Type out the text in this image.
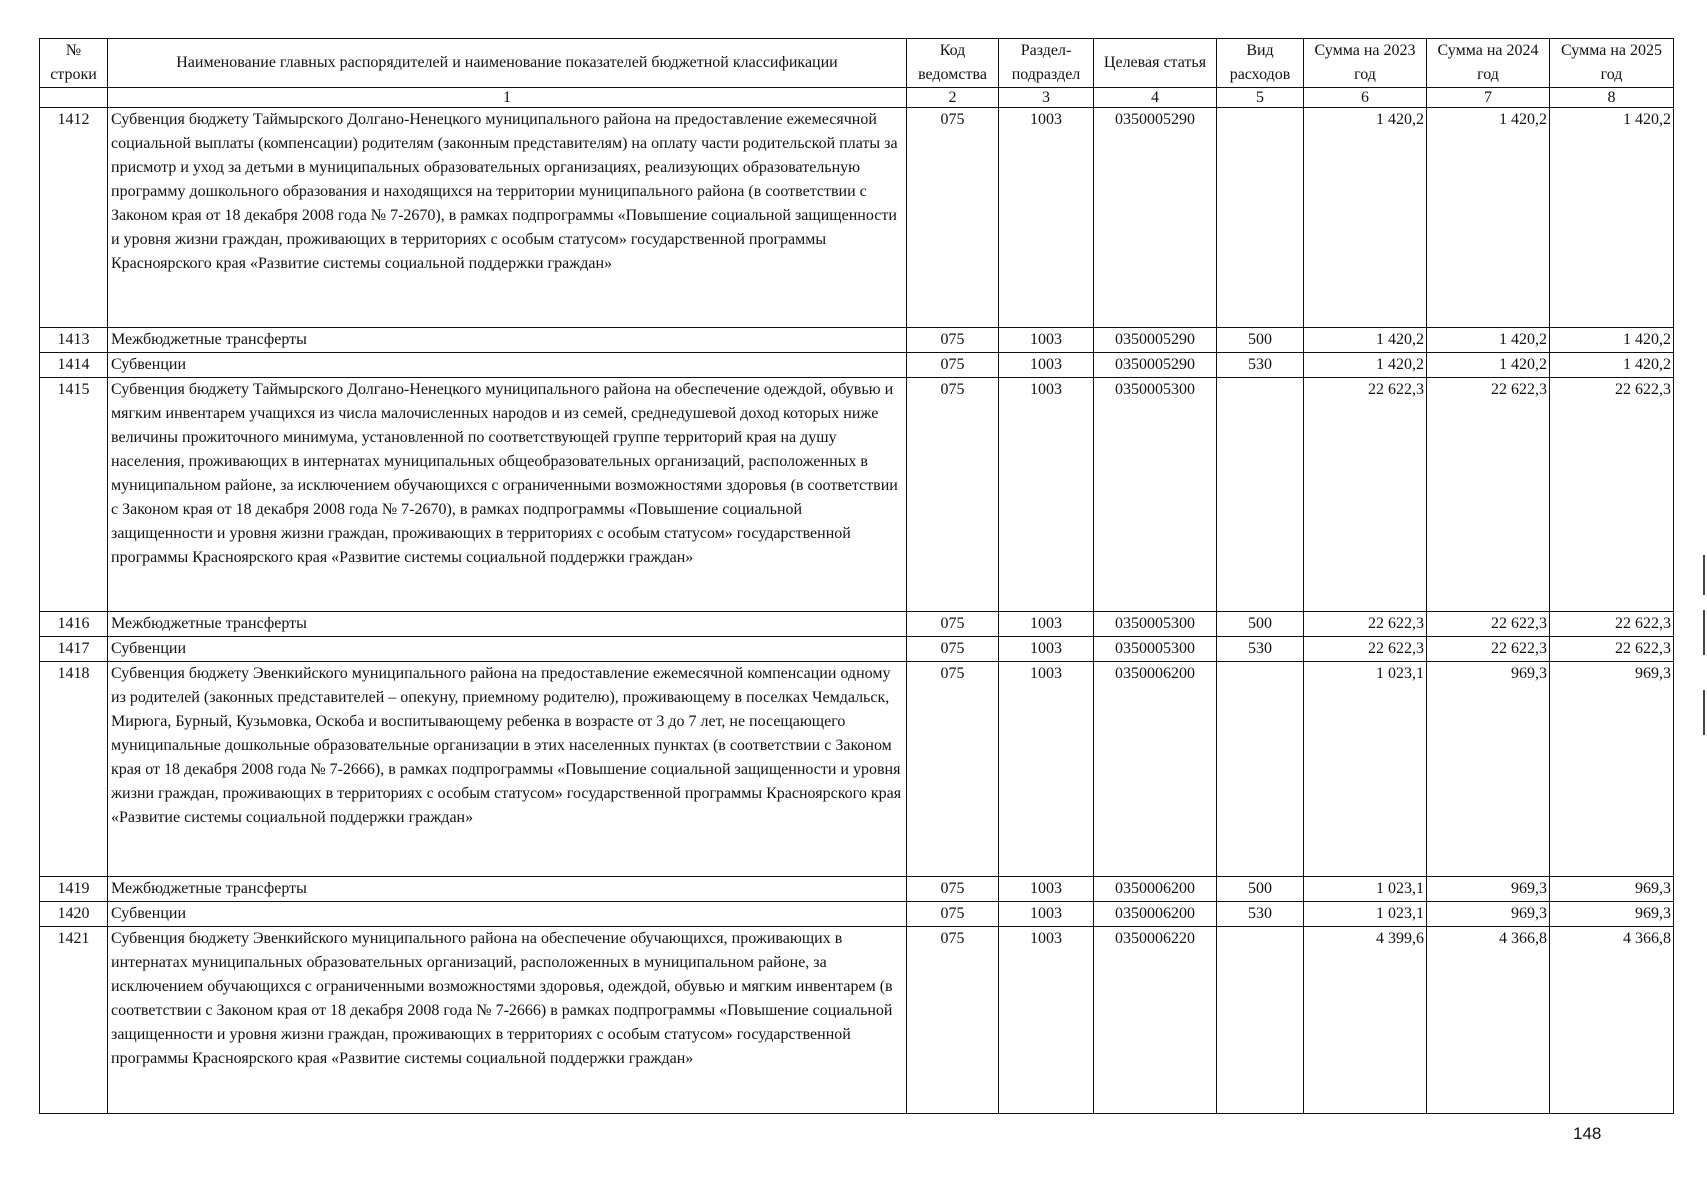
№ строки	Наименование главных распорядителей и наименование показателей бюджетной классификации	Код ведомства	Раздел-подраздел	Целевая статья	Вид расходов	Сумма на 2023 год	Сумма на 2024 год	Сумма на 2025 год
	1	2	3	4	5	6	7	8
1412	Субвенция бюджету Таймырского Долгано-Ненецкого муниципального района на предоставление ежемесячной социальной выплаты (компенсации) родителям (законным представителям) на оплату части родительской платы за присмотр и уход за детьми в муниципальных образовательных организациях, реализующих образовательную программу дошкольного образования и находящихся на территории муниципального района (в соответствии с Законом края от 18 декабря 2008 года № 7-2670), в рамках подпрограммы «Повышение социальной защищенности и уровня жизни граждан, проживающих в территориях с особым статусом» государственной программы Красноярского края «Развитие системы социальной поддержки граждан»	075	1003	0350005290		1 420,2	1 420,2	1 420,2
1413	Межбюджетные трансферты	075	1003	0350005290	500	1 420,2	1 420,2	1 420,2
1414	Субвенции	075	1003	0350005290	530	1 420,2	1 420,2	1 420,2
1415	Субвенция бюджету Таймырского Долгано-Ненецкого муниципального района на обеспечение одеждой, обувью и мягким инвентарем учащихся из числа малочисленных народов и из семей, среднедушевой доход которых ниже величины прожиточного минимума, установленной по соответствующей группе территорий края на душу населения, проживающих в интернатах муниципальных общеобразовательных организаций, расположенных в муниципальном районе, за исключением обучающихся с ограниченными возможностями здоровья (в соответствии с Законом края от 18 декабря 2008 года № 7-2670), в рамках подпрограммы «Повышение социальной защищенности и уровня жизни граждан, проживающих в территориях с особым статусом» государственной программы Красноярского края «Развитие системы социальной поддержки граждан»	075	1003	0350005300		22 622,3	22 622,3	22 622,3
1416	Межбюджетные трансферты	075	1003	0350005300	500	22 622,3	22 622,3	22 622,3
1417	Субвенции	075	1003	0350005300	530	22 622,3	22 622,3	22 622,3
1418	Субвенция бюджету Эвенкийского муниципального района на предоставление ежемесячной компенсации одному из родителей (законных представителей – опекуну, приемному родителю), проживающему в поселках Чемдальск, Мирюга, Бурный, Кузьмовка, Оскоба и воспитывающему ребенка в возрасте от 3 до 7 лет, не посещающего муниципальные дошкольные образовательные организации в этих населенных пунктах (в соответствии с Законом края от 18 декабря 2008 года № 7-2666), в рамках подпрограммы «Повышение социальной защищенности и уровня жизни граждан, проживающих в территориях с особым статусом» государственной программы Красноярского края «Развитие системы социальной поддержки граждан»	075	1003	0350006200		1 023,1	969,3	969,3
1419	Межбюджетные трансферты	075	1003	0350006200	500	1 023,1	969,3	969,3
1420	Субвенции	075	1003	0350006200	530	1 023,1	969,3	969,3
1421	Субвенция бюджету Эвенкийского муниципального района на обеспечение обучающихся, проживающих в интернатах муниципальных образовательных организаций, расположенных в муниципальном районе, за исключением обучающихся с ограниченными возможностями здоровья, одеждой, обувью и мягким инвентарем (в соответствии с Законом края от 18 декабря 2008 года № 7-2666) в рамках подпрограммы «Повышение социальной защищенности и уровня жизни граждан, проживающих в территориях с особым статусом» государственной программы Красноярского края «Развитие системы социальной поддержки граждан»	075	1003	0350006220		4 399,6	4 366,8	4 366,8
148
